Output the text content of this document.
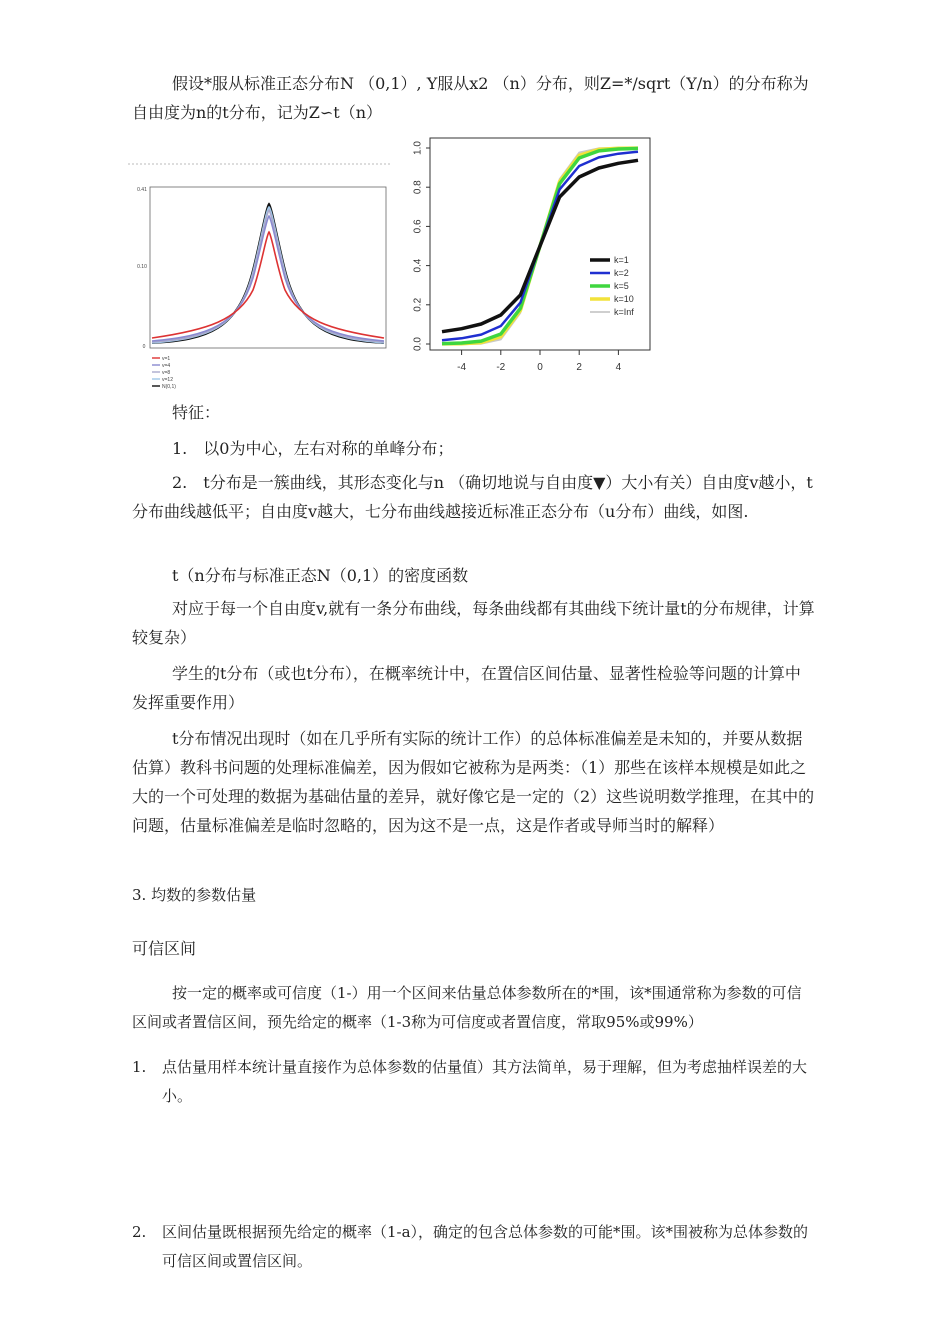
假设*服从标准正态分布N （0,1）, Y服从x2 （n）分布，则Z=*/sqrt（Y/n）的分布称为自由度为n的t分布，记为Z∽t（n）

0.41
0.10
0
v=1
v=4
v=8
v=12
N(0,1)
0.0
0.2
0.4
0.6
0.8
1.0
-4	-2	0	2	4
k=1
k=2
k=5
k=10
k=Inf

特征：

1.　以0为中心，左右对称的单峰分布；

2.　t分布是一簇曲线，其形态变化与n （确切地说与自由度▼）大小有关）自由度v越小，t分布曲线越低平；自由度v越大，七分布曲线越接近标准正态分布（u分布）曲线，如图.

t（n分布与标准正态N（0,1）的密度函数

对应于每一个自由度v,就有一条分布曲线，每条曲线都有其曲线下统计量t的分布规律，计算较复杂）

学生的t分布（或也t分布），在概率统计中，在置信区间估量、显著性检验等问题的计算中发挥重要作用）

t分布情况出现时（如在几乎所有实际的统计工作）的总体标准偏差是未知的，并要从数据估算）教科书问题的处理标准偏差，因为假如它被称为是两类：（1）那些在该样本规模是如此之大的一个可处理的数据为基础估量的差异，就好像它是一定的（2）这些说明数学推理，在其中的问题，估量标准偏差是临时忽略的，因为这不是一点，这是作者或导师当时的解释）

3. 均数的参数估量

可信区间

按一定的概率或可信度（1-）用一个区间来估量总体参数所在的*围，该*围通常称为参数的可信区间或者置信区间，预先给定的概率（1-3称为可信度或者置信度，常取95%或99%）

1. 点估量用样本统计量直接作为总体参数的估量值）其方法简单，易于理解，但为考虑抽样误差的大小。
2. 区间估量既根据预先给定的概率（1-a），确定的包含总体参数的可能*围。该*围被称为总体参数的可信区间或置信区间。
